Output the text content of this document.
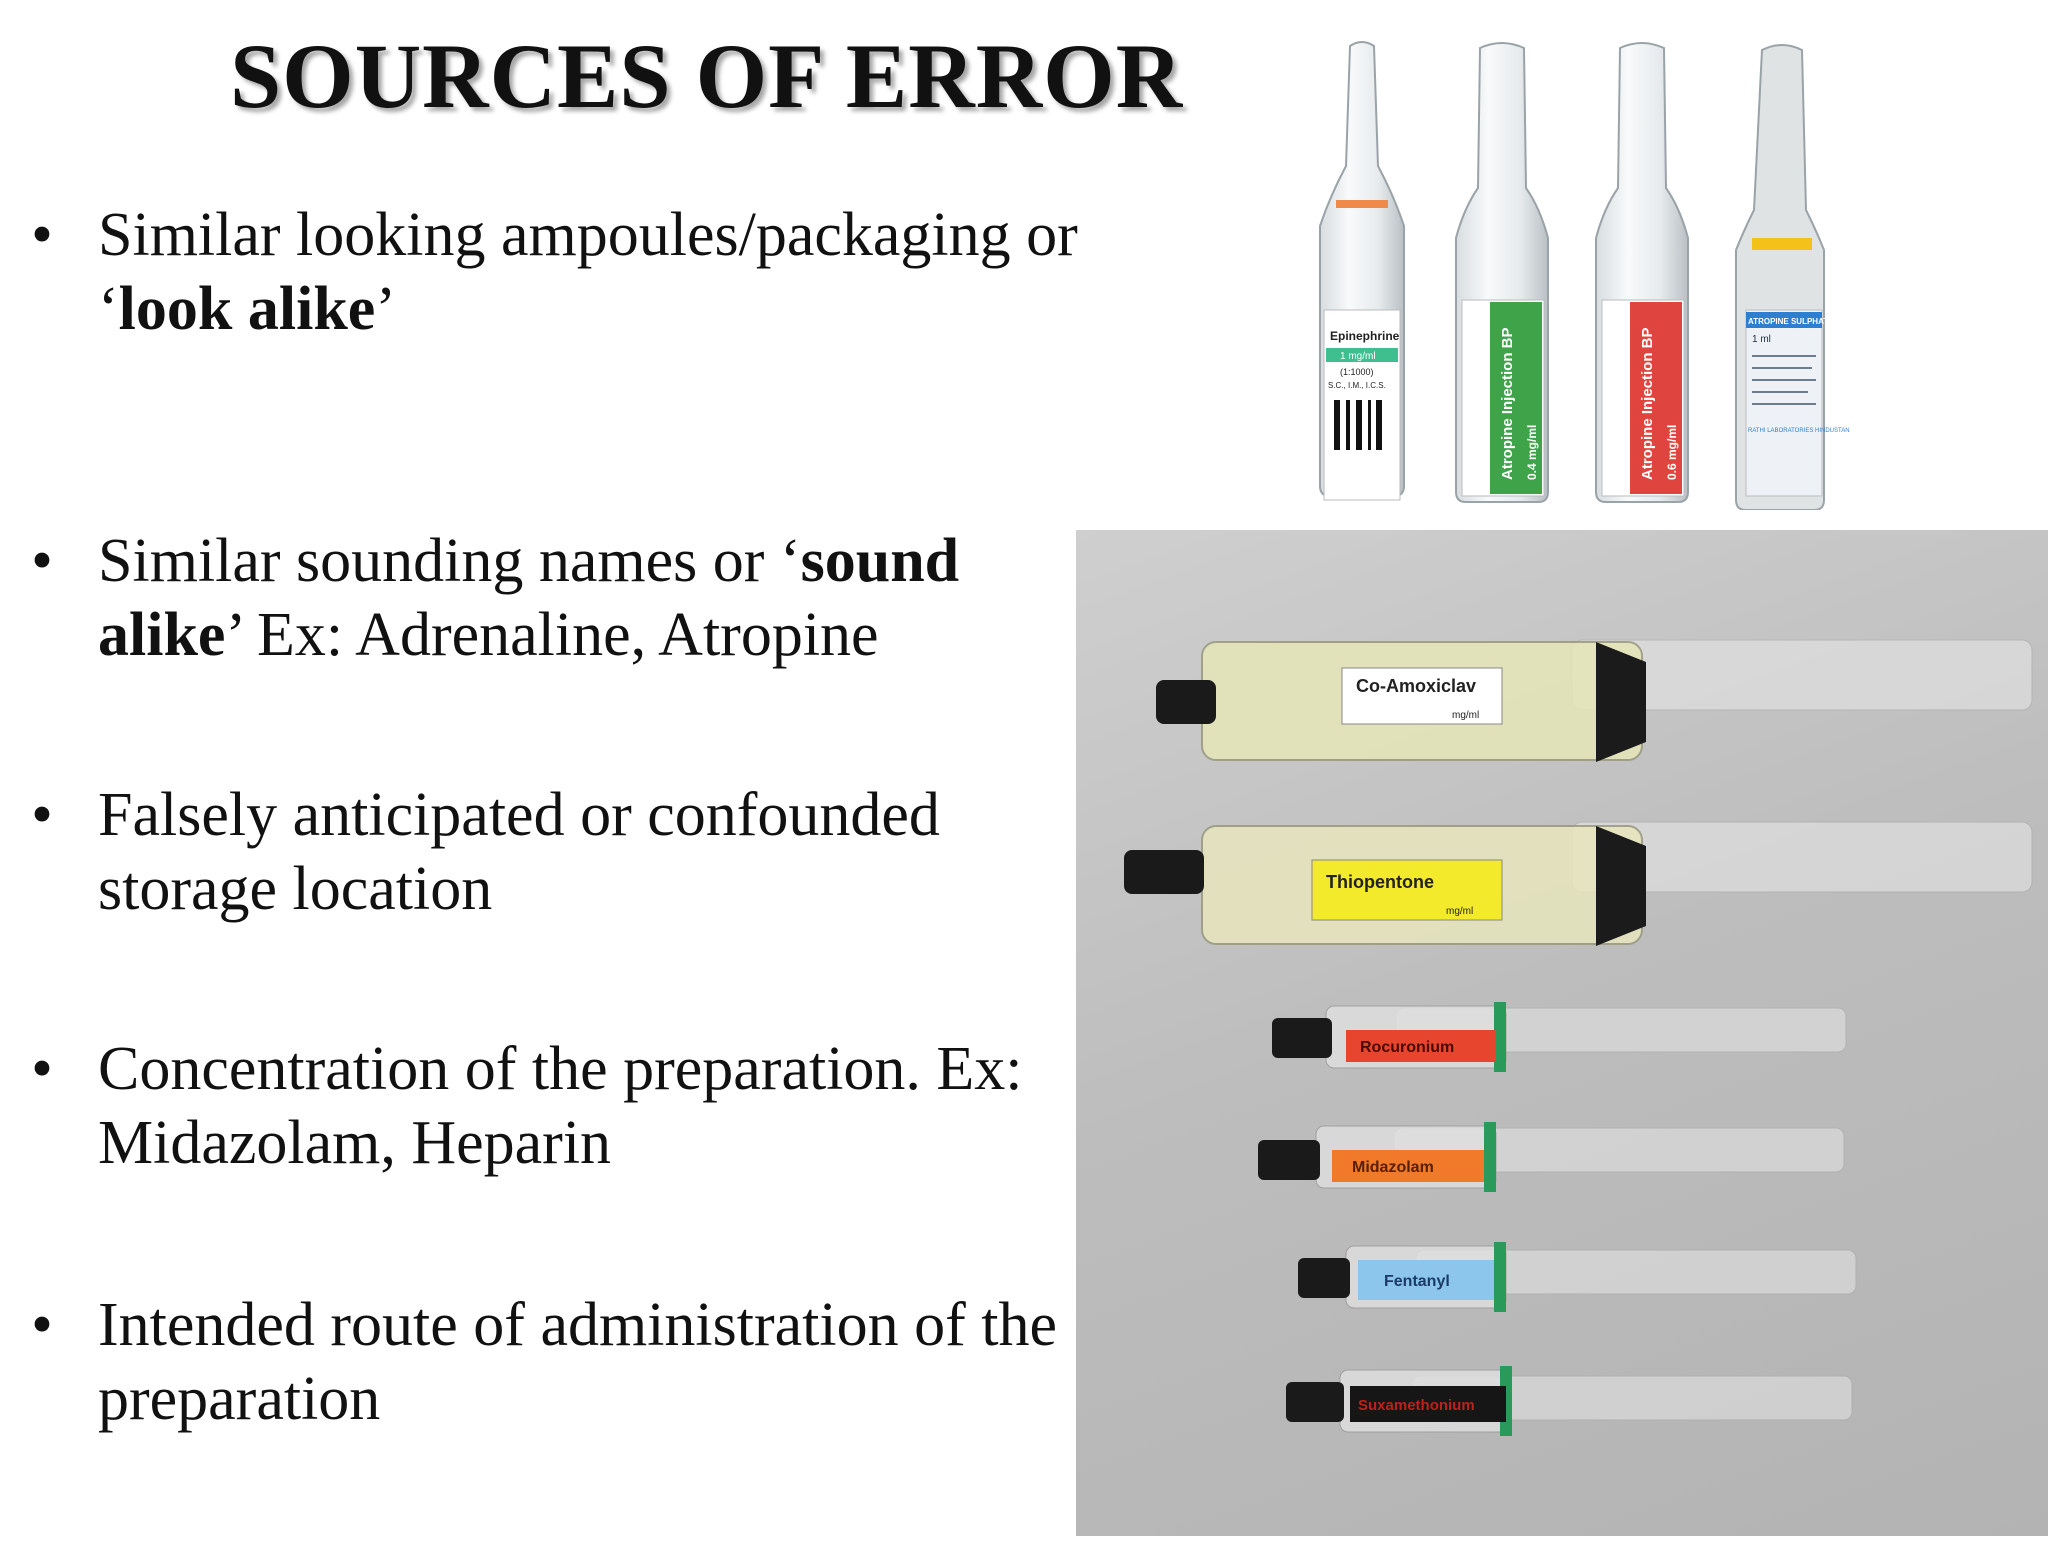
SOURCES OF ERROR
• Similar looking ampoules/packaging or ‘look alike’
• Similar sounding names or ‘sound alike’ Ex: Adrenaline, Atropine
• Falsely anticipated or confounded storage location
• Concentration of the preparation. Ex: Midazolam, Heparin
• Intended route of administration of the preparation
Epinephrine
1 mg/ml
(1:1000)
S.C., I.M., I.C.S.	Atropine Injection BP 0.4 mg/ml	Atropine Injection BP 0.6 mg/ml
ATROPINE SULPHATE
1 ml
RATHI LABORATORIES HINDUSTAN
Co-Amoxiclav
mg/ml
Thiopentone
mg/ml
Rocuronium
Midazolam
Fentanyl
Suxamethonium
